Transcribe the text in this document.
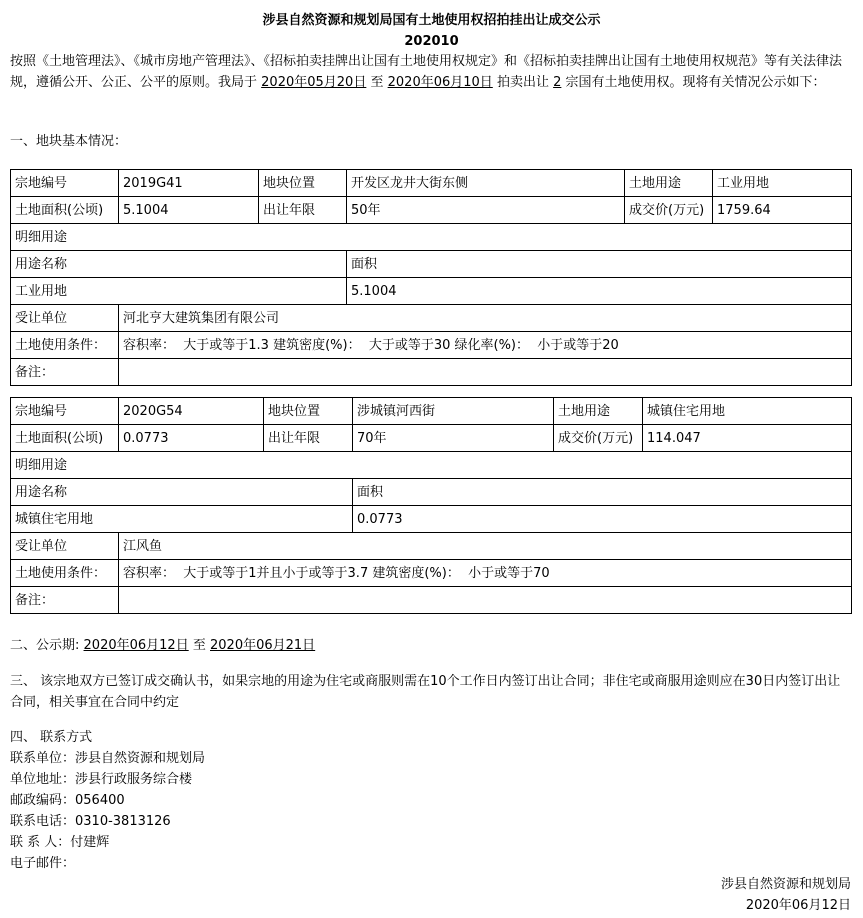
涉县自然资源和规划局国有土地使用权招拍挂出让成交公示
202010
按照《土地管理法》、《城市房地产管理法》、《招标拍卖挂牌出让国有土地使用权规定》和《招标拍卖挂牌出让国有土地使用权规范》等有关法律法规，遵循公开、公正、公平的原则。我局于 2020年05月20日 至 2020年06月10日 拍卖出让 2 宗国有土地使用权。现将有关情况公示如下：
一、地块基本情况：
宗地编号	2019G41	地块位置	开发区龙井大街东侧	土地用途	工业用地
土地面积(公顷)	5.1004	出让年限	50年	成交价(万元)	1759.64
明细用途					
用途名称			面积		
工业用地			5.1004		
受让单位	河北亨大建筑集团有限公司				
土地使用条件：	容积率：  大于或等于1.3 建筑密度(%)：  大于或等于30 绿化率(%)：  小于或等于20				
备注：					
宗地编号	2020G54	地块位置	涉城镇河西街	土地用途	城镇住宅用地
土地面积(公顷)	0.0773	出让年限	70年	成交价(万元)	114.047
明细用途					
用途名称			面积		
城镇住宅用地			0.0773		
受让单位	江风鱼				
土地使用条件：	容积率：  大于或等于1并且小于或等于3.7 建筑密度(%)：  小于或等于70				
备注：					
二、公示期: 2020年06月12日 至 2020年06月21日
三、 该宗地双方已签订成交确认书，如果宗地的用途为住宅或商服则需在10个工作日内签订出让合同；非住宅或商服用途则应在30日内签订出让合同，相关事宜在合同中约定
四、 联系方式
联系单位：涉县自然资源和规划局
单位地址：涉县行政服务综合楼
邮政编码：056400
联系电话：0310-3813126
联 系 人：付建辉
电子邮件：
涉县自然资源和规划局
2020年06月12日
